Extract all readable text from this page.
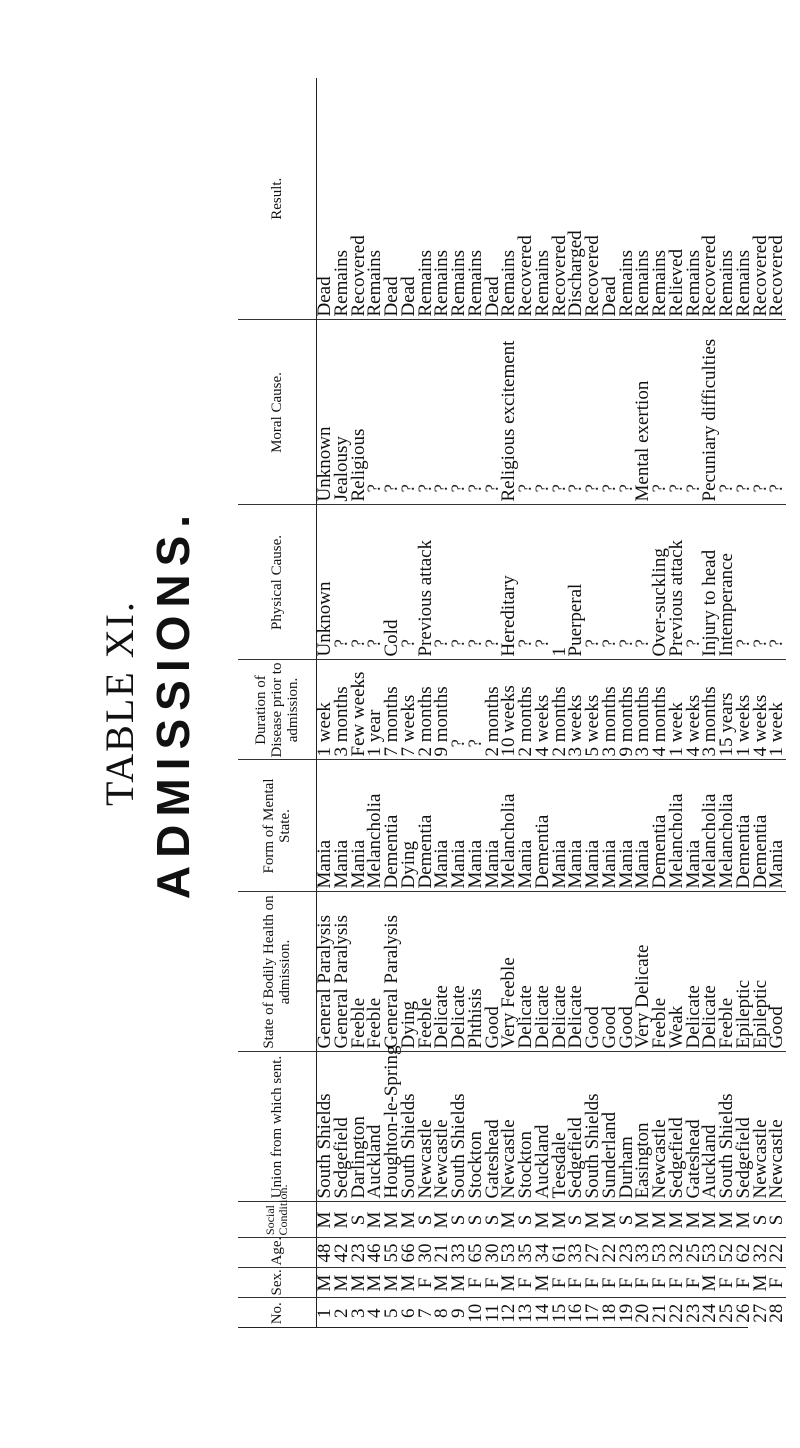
TABLE XI. ADMISSIONS.
No.	Sex.	Age.	Social Condition.	Union from which sent.	State of Bodily Health on admission.	Form of Mental State.	Duration of Disease prior to admission.	Physical Cause.	Moral Cause.	Result.
1	M	48	M	South Shields	General Paralysis	Mania	1 week	Unknown	Unknown	Dead
2	M	42	M	Sedgefield	General Paralysis	Mania	3 months	?	Jealousy	Remains
3	M	23	S	Darlington	Feeble	Mania	Few weeks	?	Religious	Recovered
4	M	46	M	Auckland	Feeble	Melancholia	1 year	?	?	Remains
5	M	55	M	Houghton-le-Spring	General Paralysis	Dementia	7 months	Cold	?	Dead
6	M	66	M	South Shields	Dying	Dying	7 weeks	?	?	Dead
7	F	30	S	Newcastle	Feeble	Dementia	2 months	Previous attack	?	Remains
8	M	21	M	Newcastle	Delicate	Mania	9 months	?	?	Remains
9	M	33	S	South Shields	Delicate	Mania	?	?	?	Remains
10	F	65	S	Stockton	Phthisis	Mania	?	?	?	Remains
11	F	30	S	Gateshead	Good	Mania	2 months	?	?	Dead
12	M	53	M	Newcastle	Very Feeble	Melancholia	10 weeks	Hereditary	Religious excitement	Remains
13	F	35	S	Stockton	Delicate	Mania	2 months	?	?	Recovered
14	M	34	M	Auckland	Delicate	Dementia	4 weeks	?	?	Remains
15	F	61	M	Teesdale	Delicate	Mania	2 months	1	?	Recovered
16	F	33	S	Sedgefield	Delicate	Mania	3 weeks	Puerperal	?	Discharged
17	F	27	M	South Shields	Good	Mania	5 weeks	?	?	Recovered
18	F	22	M	Sunderland	Good	Mania	3 months	?	?	Dead
19	F	23	S	Durham	Good	Mania	9 months	?	?	Remains
20	F	33	M	Easington	Very Delicate	Mania	3 months	?	Mental exertion	Remains
21	F	53	M	Newcastle	Feeble	Dementia	4 months	Over-suckling	?	Remains
22	F	32	M	Sedgefield	Weak	Melancholia	1 week	Previous attack	?	Relieved
23	F	25	M	Gateshead	Delicate	Mania	4 weeks	?	?	Remains
24	M	53	M	Auckland	Delicate	Melancholia	3 months	Injury to head	Pecuniary difficulties	Recovered
25	F	52	M	South Shields	Feeble	Melancholia	15 years	Intemperance	?	Remains
26	F	62	M	Sedgefield	Epileptic	Dementia	1 weeks	?	?	Remains
27	M	32	S	Newcastle	Epileptic	Dementia	4 weeks	?	?	Recovered
28	F	22	S	Newcastle	Good	Mania	1 week	?	?	Recovered
